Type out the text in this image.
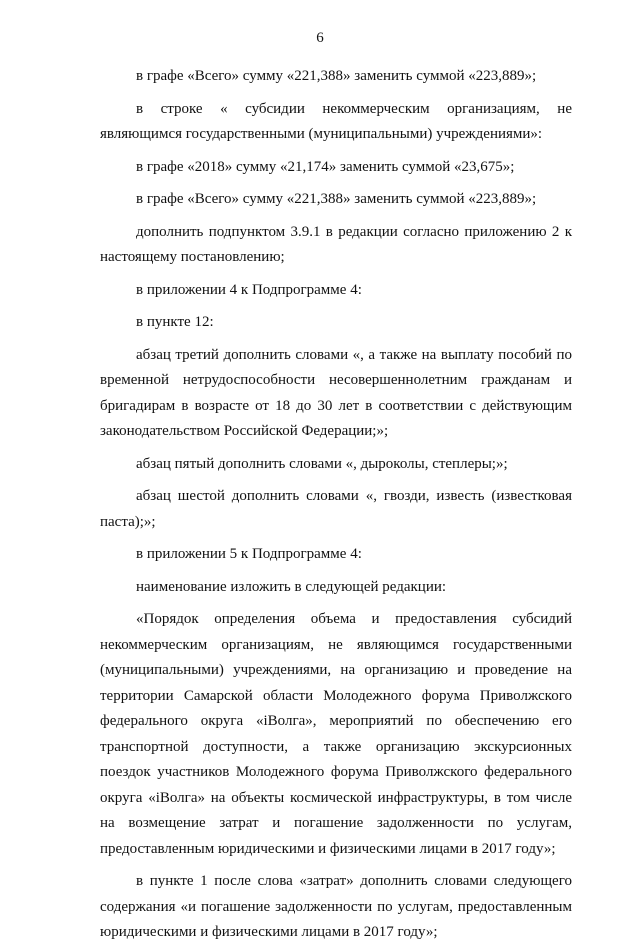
6

в графе «Всего» сумму «221,388» заменить суммой «223,889»;

в строке « субсидии некоммерческим организациям, не являющимся государственными (муниципальными) учреждениями»:

в графе «2018» сумму «21,174» заменить суммой «23,675»;

в графе «Всего» сумму «221,388» заменить суммой «223,889»;

дополнить подпунктом 3.9.1 в редакции согласно приложению 2 к настоящему постановлению;

в приложении 4 к Подпрограмме 4:

в пункте 12:

абзац третий дополнить словами «, а также на выплату пособий по временной нетрудоспособности несовершеннолетним гражданам и бригадирам в возрасте от 18 до 30 лет в соответствии с действующим законодательством Российской Федерации;»;

абзац пятый дополнить словами «, дыроколы, степлеры;»;

абзац шестой дополнить словами «, гвозди, известь (известковая паста);»;

в приложении 5 к Подпрограмме 4:

наименование изложить в следующей редакции:

«Порядок определения объема и предоставления субсидий некоммерческим организациям, не являющимся государственными (муниципальными) учреждениями, на организацию и проведение на территории Самарской области Молодежного форума Приволжского федерального округа «iВолга», мероприятий по обеспечению его транспортной доступности, а также организацию экскурсионных поездок участников Молодежного форума Приволжского федерального округа «iВолга» на объекты космической инфраструктуры, в том числе на возмещение затрат и погашение задолженности по услугам, предоставленным юридическими и физическими лицами в 2017 году»;

в пункте 1 после слова «затрат» дополнить словами следующего содержания «и погашение задолженности по услугам, предоставленным юридическими и физическими лицами в 2017 году»;
